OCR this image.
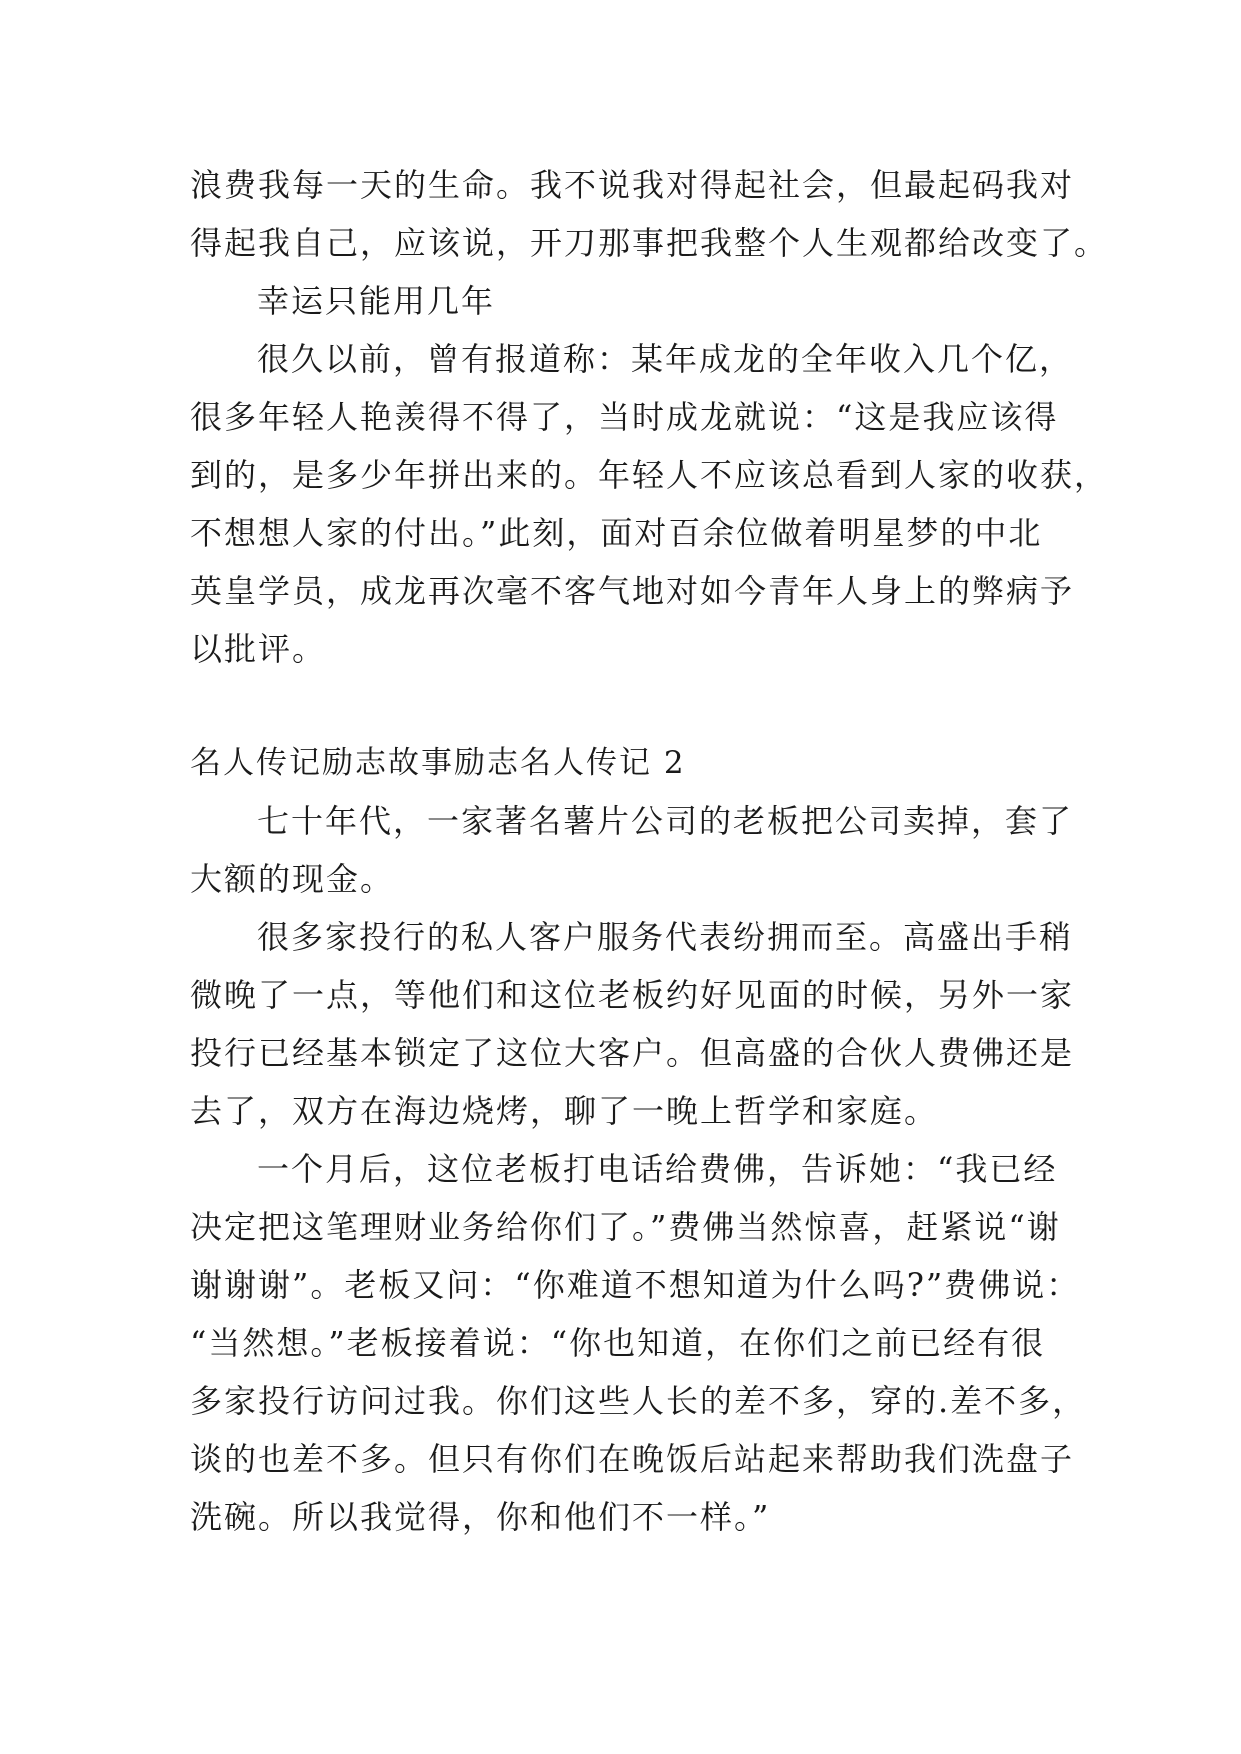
浪费我每一天的生命。我不说我对得起社会，但最起码我对
得起我自己，应该说，开刀那事把我整个人生观都给改变了。
幸运只能用几年
很久以前，曾有报道称：某年成龙的全年收入几个亿，
很多年轻人艳羡得不得了，当时成龙就说：“这是我应该得
到的，是多少年拼出来的。年轻人不应该总看到人家的收获，
不想想人家的付出。”此刻，面对百余位做着明星梦的中北
英皇学员，成龙再次毫不客气地对如今青年人身上的弊病予
以批评。
名人传记励志故事励志名人传记 2
七十年代，一家著名薯片公司的老板把公司卖掉，套了
大额的现金。
很多家投行的私人客户服务代表纷拥而至。高盛出手稍
微晚了一点，等他们和这位老板约好见面的时候，另外一家
投行已经基本锁定了这位大客户。但高盛的合伙人费佛还是
去了，双方在海边烧烤，聊了一晚上哲学和家庭。
一个月后，这位老板打电话给费佛，告诉她：“我已经
决定把这笔理财业务给你们了。”费佛当然惊喜，赶紧说“谢
谢谢谢”。老板又问：“你难道不想知道为什么吗?”费佛说：
“当然想。”老板接着说：“你也知道，在你们之前已经有很
多家投行访问过我。你们这些人长的差不多，穿的.差不多，
谈的也差不多。但只有你们在晚饭后站起来帮助我们洗盘子
洗碗。所以我觉得，你和他们不一样。”
